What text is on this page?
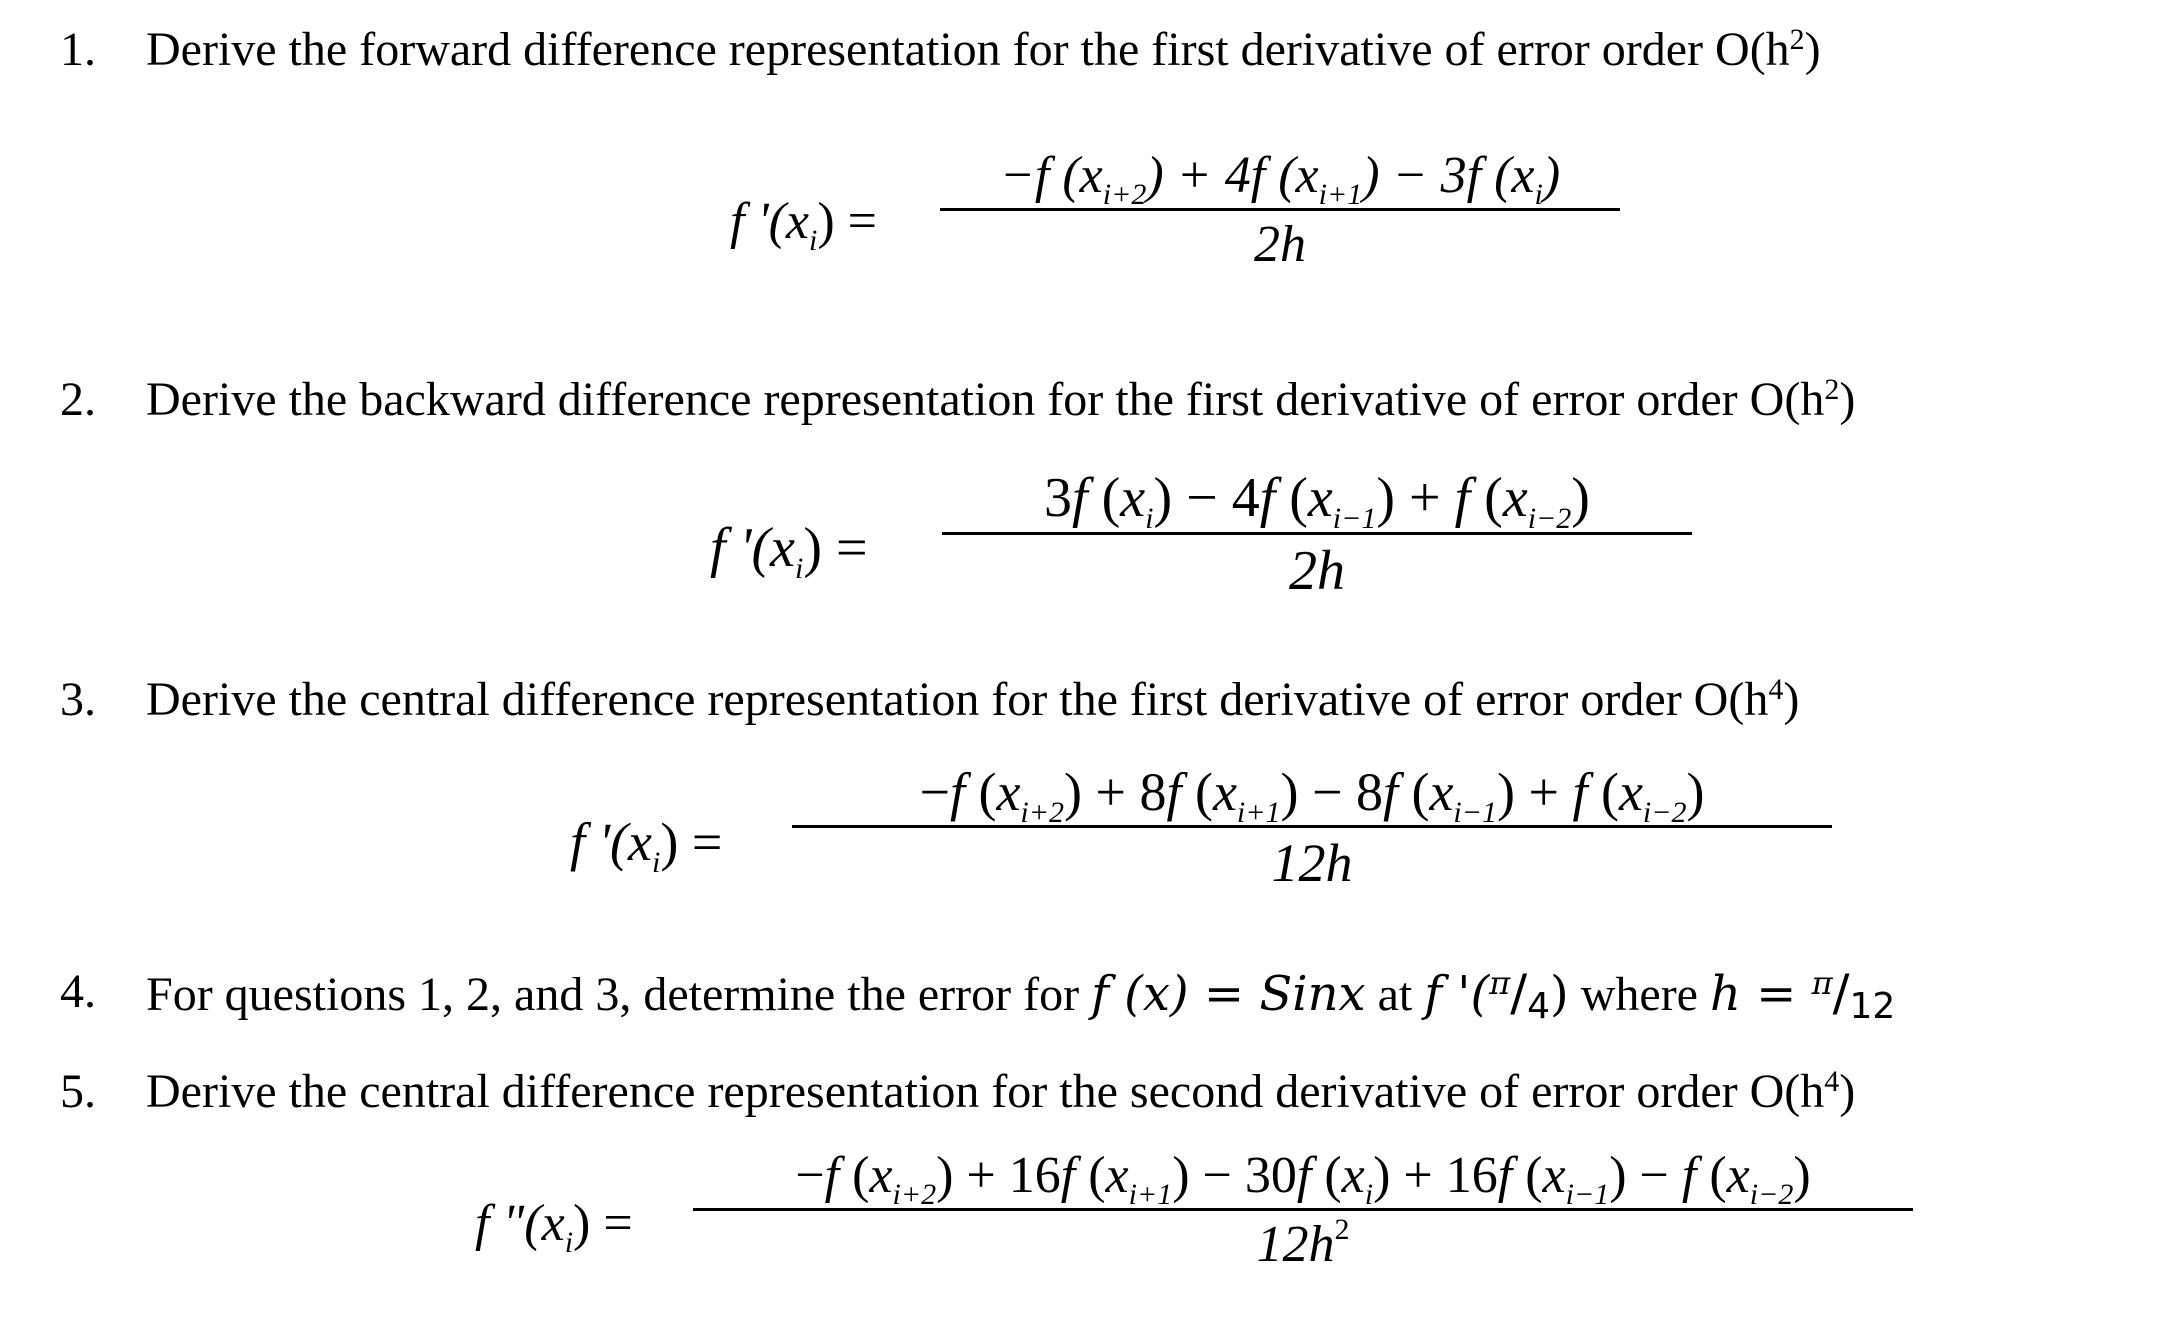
1. Derive the forward difference representation for the first derivative of error order $O(h^2)$
f '$(x_i)$ =
−f $(x_{i+2}) + 4f$ $(x_{i+1}) - 3f$ $(x_i)$
2h
2. Derive the backward difference representation for the first derivative of error order $O(h^2)$
f '$(x_i)$ =
3f $(x_i) - 4f$ $(x_{i-1}) + f$ $(x_{i-2})$
2h
3. Derive the central difference representation for the first derivative of error order $O(h^4)$
f '$(x_i)$ =
−f $(x_{i+2}) + 8f$ $(x_{i+1}) - 8f$ $(x_{i-1}) + f$ $(x_{i-2})$
12h
4. For questions 1, 2, and 3, determine the error for f (x) = Sinx at f '($^\pi$/4) where h = $^\pi$/12
5. Derive the central difference representation for the second derivative of error order $O(h^4)$
f "$(x_i)$ =
−f $(x_{i+2}) + 16f$ $(x_{i+1}) - 30f$ $(x_i) + 16f$ $(x_{i-1}) - f$ $(x_{i-2})$
$12h^2$
